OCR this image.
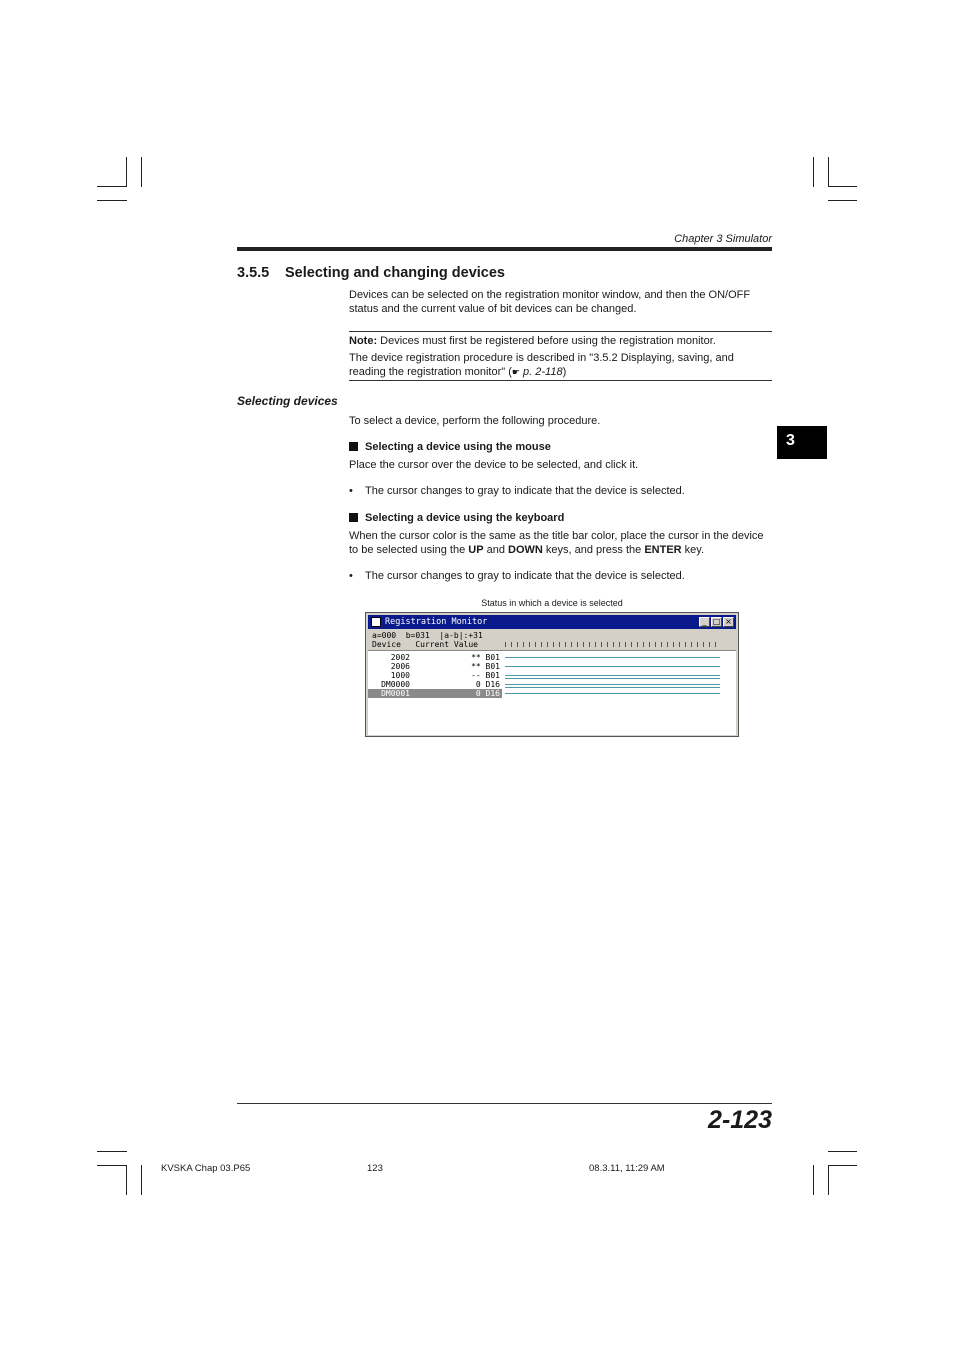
Chapter 3 Simulator
3.5.5 Selecting and changing devices

Devices can be selected on the registration monitor window, and then the ON/OFF status and the current value of bit devices can be changed.

Note: Devices must first be registered before using the registration monitor.

The device registration procedure is described in "3.5.2 Displaying, saving, and reading the registration monitor" (☛ p. 2-118)

Selecting devices

To select a device, perform the following procedure.

Selecting a device using the mouse

Place the cursor over the device to be selected, and click it.

• The cursor changes to gray to indicate that the device is selected.
Selecting a device using the keyboard

When the cursor color is the same as the title bar color, place the cursor in the device to be selected using the UP and DOWN keys, and press the ENTER key.

• The cursor changes to gray to indicate that the device is selected.
3
Status in which a device is selected
Registration Monitor	_ □ ×
a=000  b=031  |a-b|:+31
Device   Current Value
2002	** B01
2006	** B01
1000	-- B01
DM0000	0 D16
DM0001	0 D16
2-123
KVSKA Chap 03.P65	123	08.3.11, 11:29 AM
